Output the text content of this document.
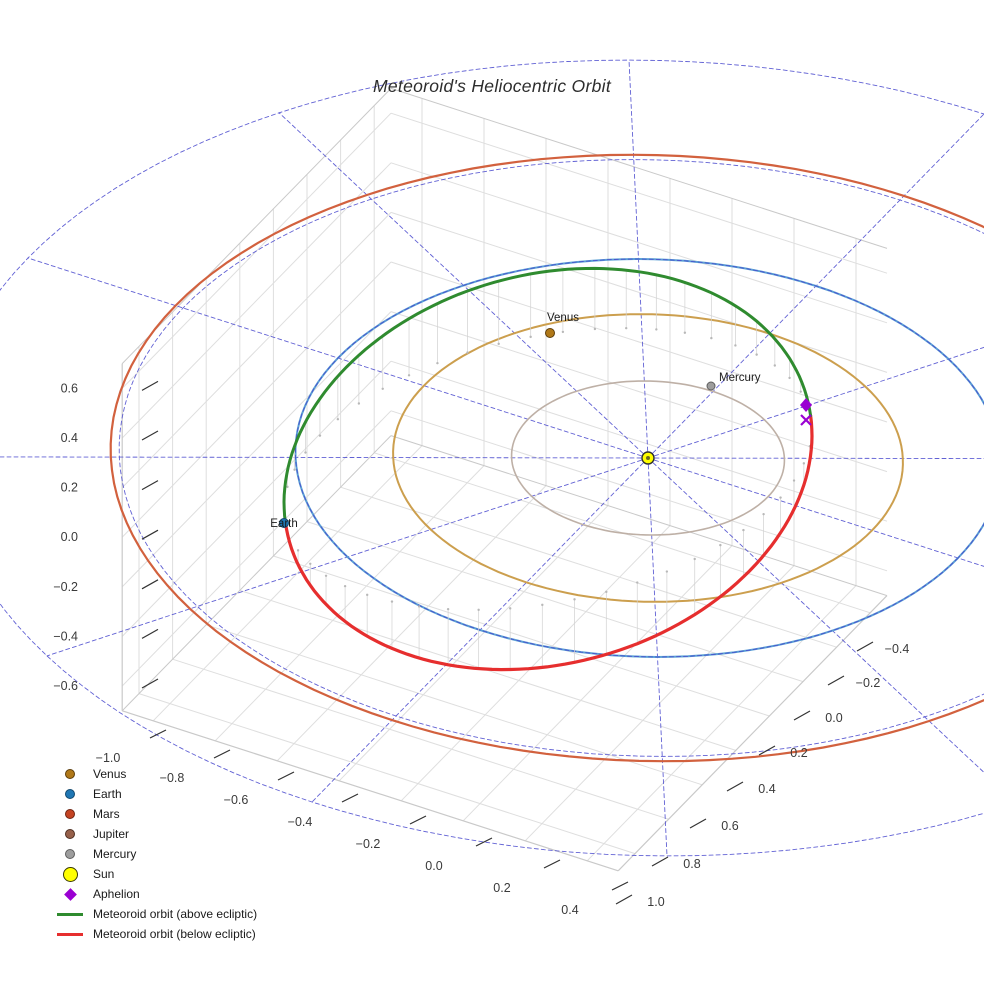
−1.0
−0.8
−0.6
−0.4
−0.2
0.0
0.2
0.4
−0.4
−0.2
0.0
0.2
0.4
0.6
0.8
1.0
0.6
0.4
0.2
0.0
−0.2
−0.4
−0.6
Venus
Mercury
Earth
Meteoroid's Heliocentric Orbit
Venus
Earth
Mars
Jupiter
Mercury
Sun
Aphelion
Meteoroid orbit (above ecliptic)
Meteoroid orbit (below ecliptic)
